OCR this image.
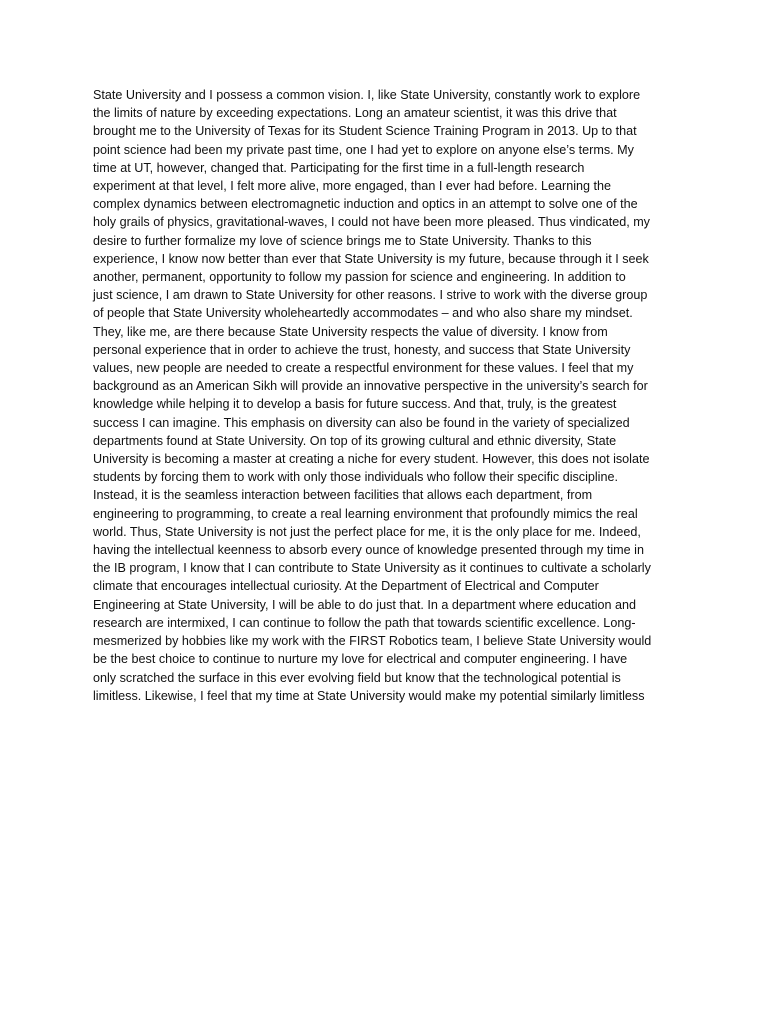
State University and I possess a common vision. I, like State University, constantly work to explore
the limits of nature by exceeding expectations. Long an amateur scientist, it was this drive that
brought me to the University of Texas for its Student Science Training Program in 2013. Up to that
point science had been my private past time, one I had yet to explore on anyone else’s terms. My
time at UT, however, changed that. Participating for the first time in a full-length research
experiment at that level, I felt more alive, more engaged, than I ever had before. Learning the
complex dynamics between electromagnetic induction and optics in an attempt to solve one of the
holy grails of physics, gravitational-waves, I could not have been more pleased. Thus vindicated, my
desire to further formalize my love of science brings me to State University. Thanks to this
experience, I know now better than ever that State University is my future, because through it I seek
another, permanent, opportunity to follow my passion for science and engineering. In addition to
just science, I am drawn to State University for other reasons. I strive to work with the diverse group
of people that State University wholeheartedly accommodates – and who also share my mindset.
They, like me, are there because State University respects the value of diversity. I know from
personal experience that in order to achieve the trust, honesty, and success that State University
values, new people are needed to create a respectful environment for these values. I feel that my
background as an American Sikh will provide an innovative perspective in the university’s search for
knowledge while helping it to develop a basis for future success. And that, truly, is the greatest
success I can imagine. This emphasis on diversity can also be found in the variety of specialized
departments found at State University. On top of its growing cultural and ethnic diversity, State
University is becoming a master at creating a niche for every student. However, this does not isolate
students by forcing them to work with only those individuals who follow their specific discipline.
Instead, it is the seamless interaction between facilities that allows each department, from
engineering to programming, to create a real learning environment that profoundly mimics the real
world. Thus, State University is not just the perfect place for me, it is the only place for me. Indeed,
having the intellectual keenness to absorb every ounce of knowledge presented through my time in
the IB program, I know that I can contribute to State University as it continues to cultivate a scholarly
climate that encourages intellectual curiosity. At the Department of Electrical and Computer
Engineering at State University, I will be able to do just that. In a department where education and
research are intermixed, I can continue to follow the path that towards scientific excellence. Long-
mesmerized by hobbies like my work with the FIRST Robotics team, I believe State University would
be the best choice to continue to nurture my love for electrical and computer engineering. I have
only scratched the surface in this ever evolving field but know that the technological potential is
limitless. Likewise, I feel that my time at State University would make my potential similarly limitless
